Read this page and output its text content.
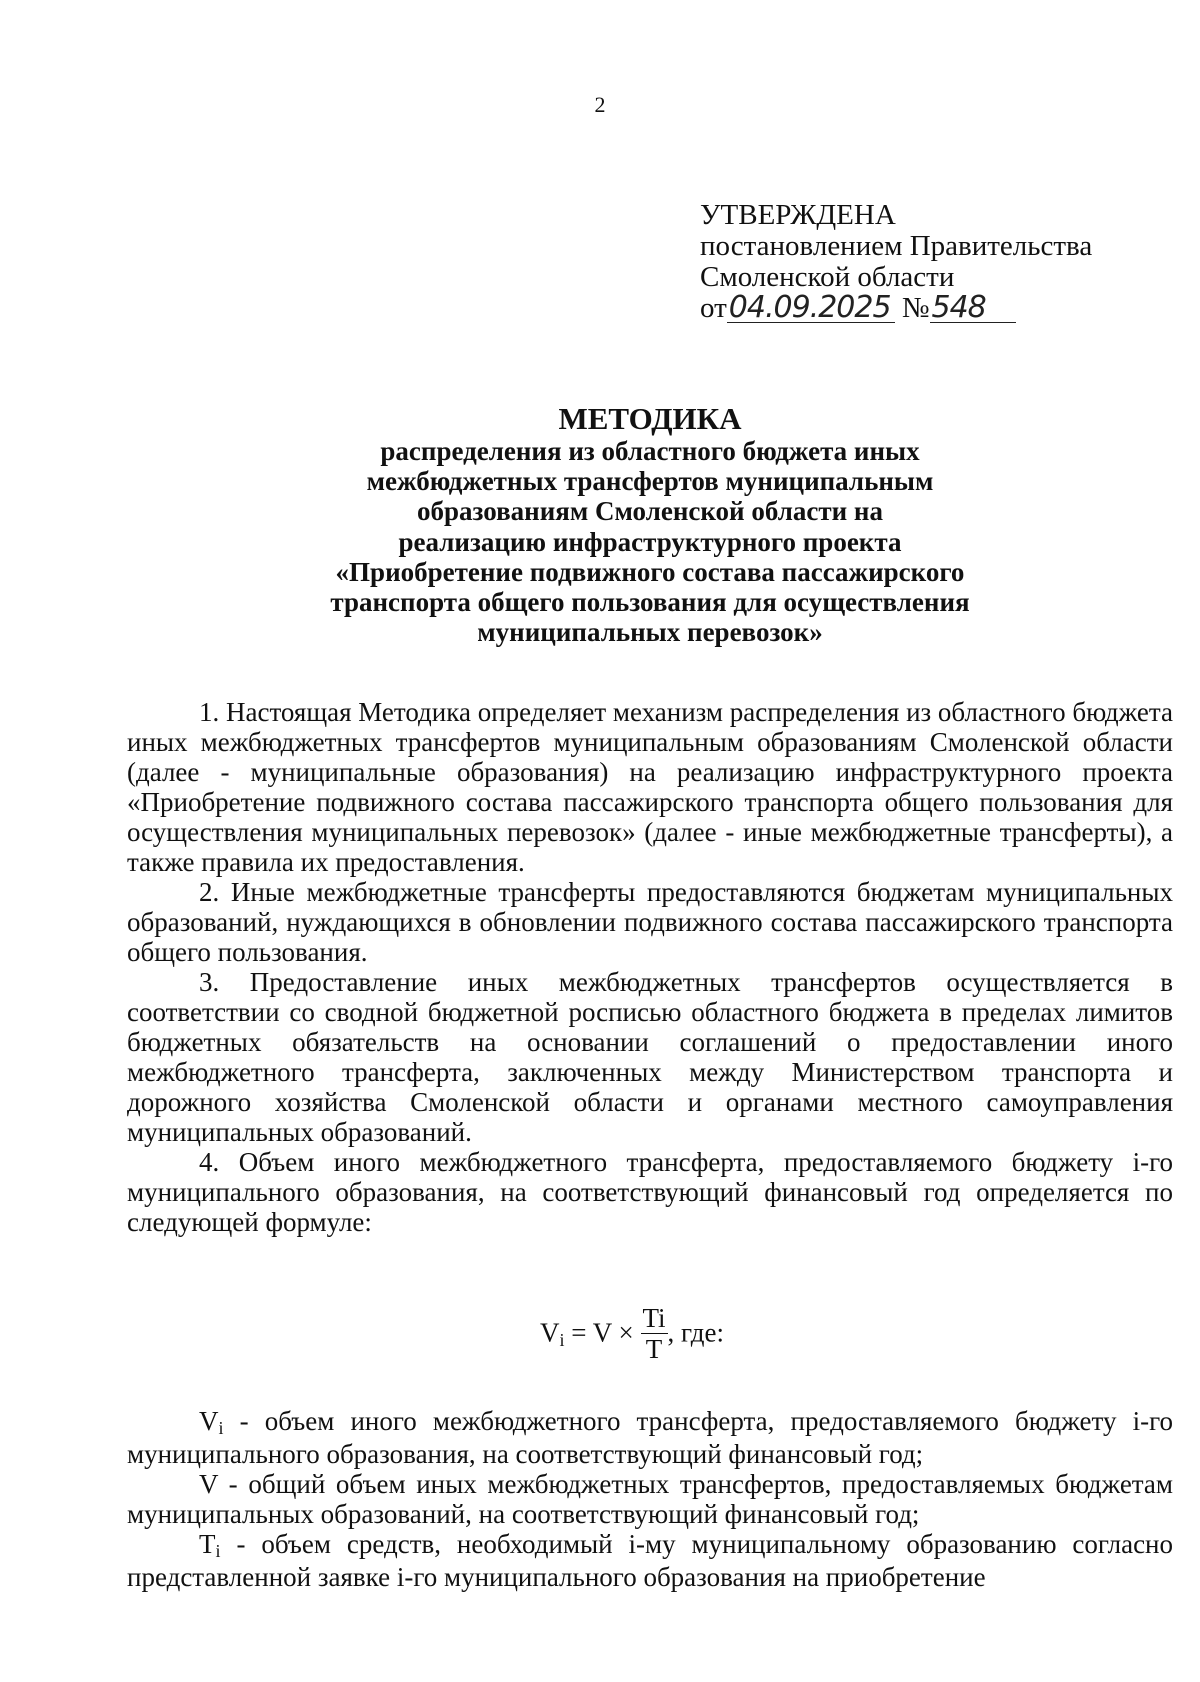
2
УТВЕРЖДЕНА
постановлением Правительства
Смоленской области
от04.09.2025 №548
МЕТОДИКА
распределения из областного бюджета иных
межбюджетных трансфертов муниципальным
образованиям Смоленской области на
реализацию инфраструктурного проекта
«Приобретение подвижного состава пассажирского
транспорта общего пользования для осуществления
муниципальных перевозок»

1. Настоящая Методика определяет механизм распределения из областного бюджета иных межбюджетных трансфертов муниципальным образованиям Смоленской области (далее - муниципальные образования) на реализацию инфраструктурного проекта «Приобретение подвижного состава пассажирского транспорта общего пользования для осуществления муниципальных перевозок» (далее - иные межбюджетные трансферты), а также правила их предоставления.

2. Иные межбюджетные трансферты предоставляются бюджетам муниципальных образований, нуждающихся в обновлении подвижного состава пассажирского транспорта общего пользования.

3. Предоставление иных межбюджетных трансфертов осуществляется в соответствии со сводной бюджетной росписью областного бюджета в пределах лимитов бюджетных обязательств на основании соглашений о предоставлении иного межбюджетного трансферта, заключенных между Министерством транспорта и дорожного хозяйства Смоленской области и органами местного самоуправления муниципальных образований.

4. Объем иного межбюджетного трансферта, предоставляемого бюджету i-го муниципального образования, на соответствующий финансовый год определяется по следующей формуле:

$Vi = V \times \frac{Ti}{T}$ , где:

Vi - объем иного межбюджетного трансферта, предоставляемого бюджету i-го муниципального образования, на соответствующий финансовый год;

V - общий объем иных межбюджетных трансфертов, предоставляемых бюджетам муниципальных образований, на соответствующий финансовый год;

Ti - объем средств, необходимый i-му муниципальному образованию согласно представленной заявке i-го муниципального образования на приобретение
